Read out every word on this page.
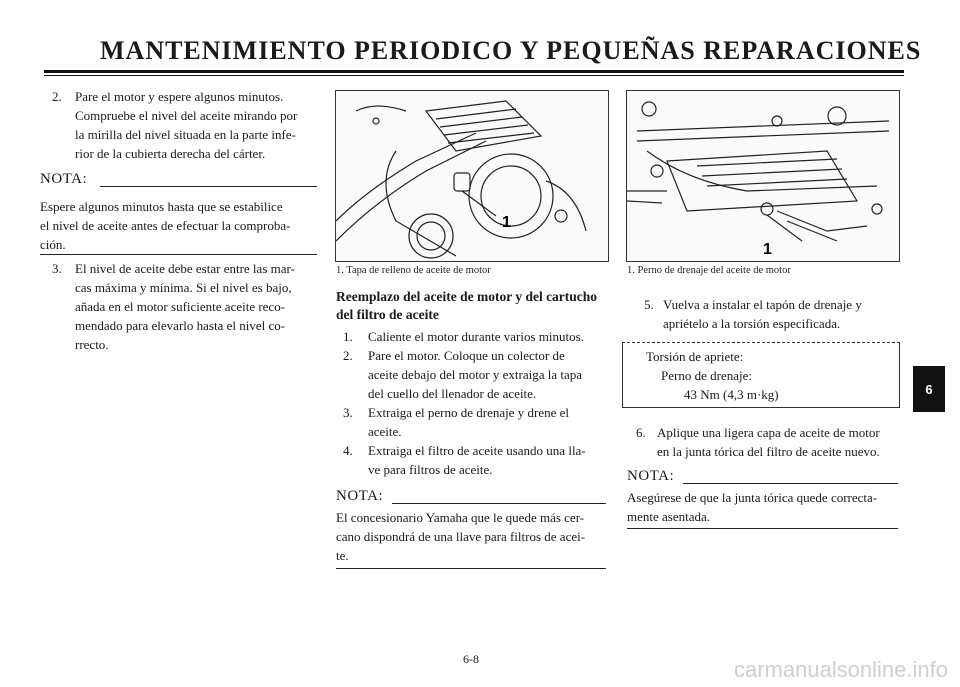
MANTENIMIENTO PERIODICO Y PEQUEÑAS REPARACIONES
2. Pare el motor y espere algunos minutos.
Compruebe el nivel del aceite mirando por
la mirilla del nivel situada en la parte infe-
rior de la cubierta derecha del cárter.
NOTA:
Espere algunos minutos hasta que se estabilice
el nivel de aceite antes de efectuar la comproba-
ción.
3. El nivel de aceite debe estar entre las mar-
cas máxima y mínima. Si el nivel es bajo,
añada en el motor suficiente aceite reco-
mendado para elevarlo hasta el nivel co-
rrecto.
1
1. Tapa de relleno de aceite de motor
Reemplazo del aceite de motor y del cartucho
del filtro de aceite
1. Caliente el motor durante varios minutos.
2. Pare el motor. Coloque un colector de
aceite debajo del motor y extraiga la tapa
del cuello del llenador de aceite.
3. Extraiga el perno de drenaje y drene el
aceite.
4. Extraiga el filtro de aceite usando una lla-
ve para filtros de aceite.
NOTA:
El concesionario Yamaha que le quede más cer-
cano dispondrá de una llave para filtros de acei-
te.
1
1. Perno de drenaje del aceite de motor
5. Vuelva a instalar el tapón de drenaje y
apriételo a la torsión especificada.
Torsión de apriete:
Perno de drenaje:
43 Nm (4,3 m·kg)
6. Aplique una ligera capa de aceite de motor
en la junta tórica del filtro de aceite nuevo.
NOTA:
Asegúrese de que la junta tórica quede correcta-
mente asentada.
6
6-8	carmanualsonline.info
